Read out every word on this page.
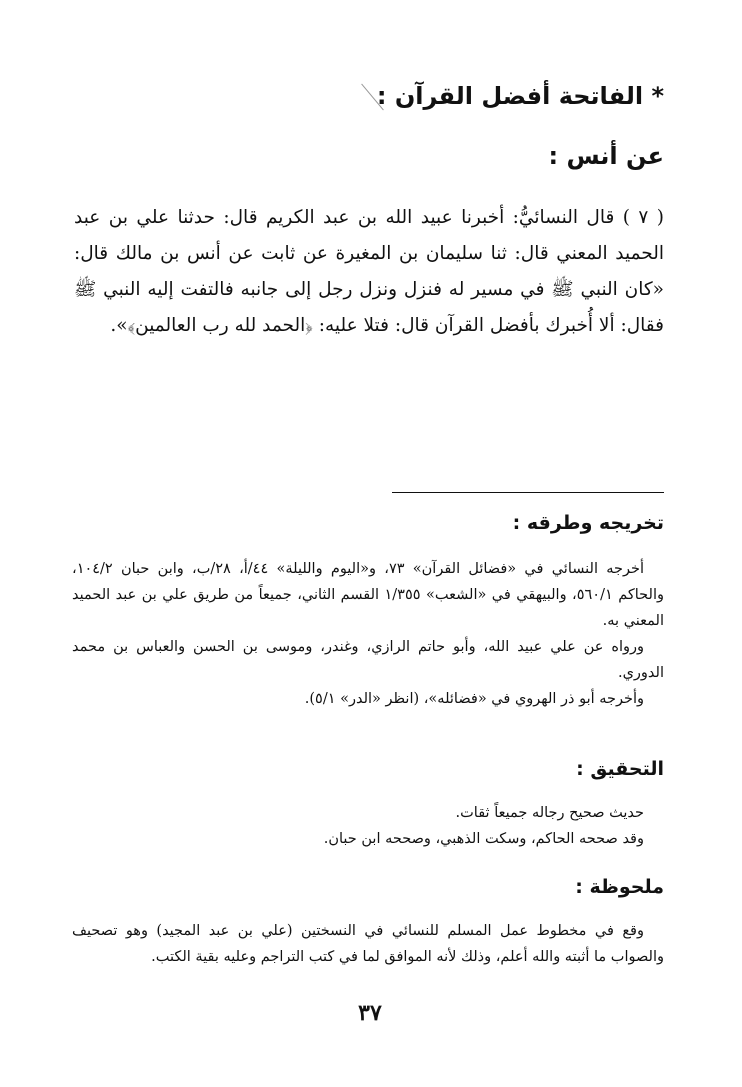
* الفاتحة أفضل القرآن :
عن أنس :

( ٧ ) قال النسائيُّ: أخبرنا عبيد الله بن عبد الكريم قال: حدثنا علي بن عبد الحميد المعني قال: ثنا سليمان بن المغيرة عن ثابت عن أنس بن مالك قال: «كان النبي ﷺ في مسير له فنزل ونزل رجل إلى جانبه فالتفت إليه النبي ﷺ فقال: ألا أُخبرك بأفضل القرآن قال: فتلا عليه: ﴿الحمد لله رب العالمين﴾».

تخريجه وطرقه :

أخرجه النسائي في «فضائل القرآن» ٧٣، و«اليوم والليلة» ٤٤/أ، ٢٨/ب، وابن حبان ١٠٤/٢، والحاكم ٥٦٠/١، والبيهقي في «الشعب» ١/٣٥٥ القسم الثاني، جميعاً من طريق علي بن عبد الحميد المعني به.

ورواه عن علي عبيد الله، وأبو حاتم الرازي، وغندر، وموسى بن الحسن والعباس بن محمد الدوري.

وأخرجه أبو ذر الهروي في «فضائله»، (انظر «الدر» ٥/١).

التحقيق :

حديث صحيح رجاله جميعاً ثقات.

وقد صححه الحاكم، وسكت الذهبي، وصححه ابن حبان.

ملحوظة :

وقع في مخطوط عمل المسلم للنسائي في النسختين (علي بن عبد المجيد) وهو تصحيف والصواب ما أثبته والله أعلم، وذلك لأنه الموافق لما في كتب التراجم وعليه بقية الكتب.

٣٧
